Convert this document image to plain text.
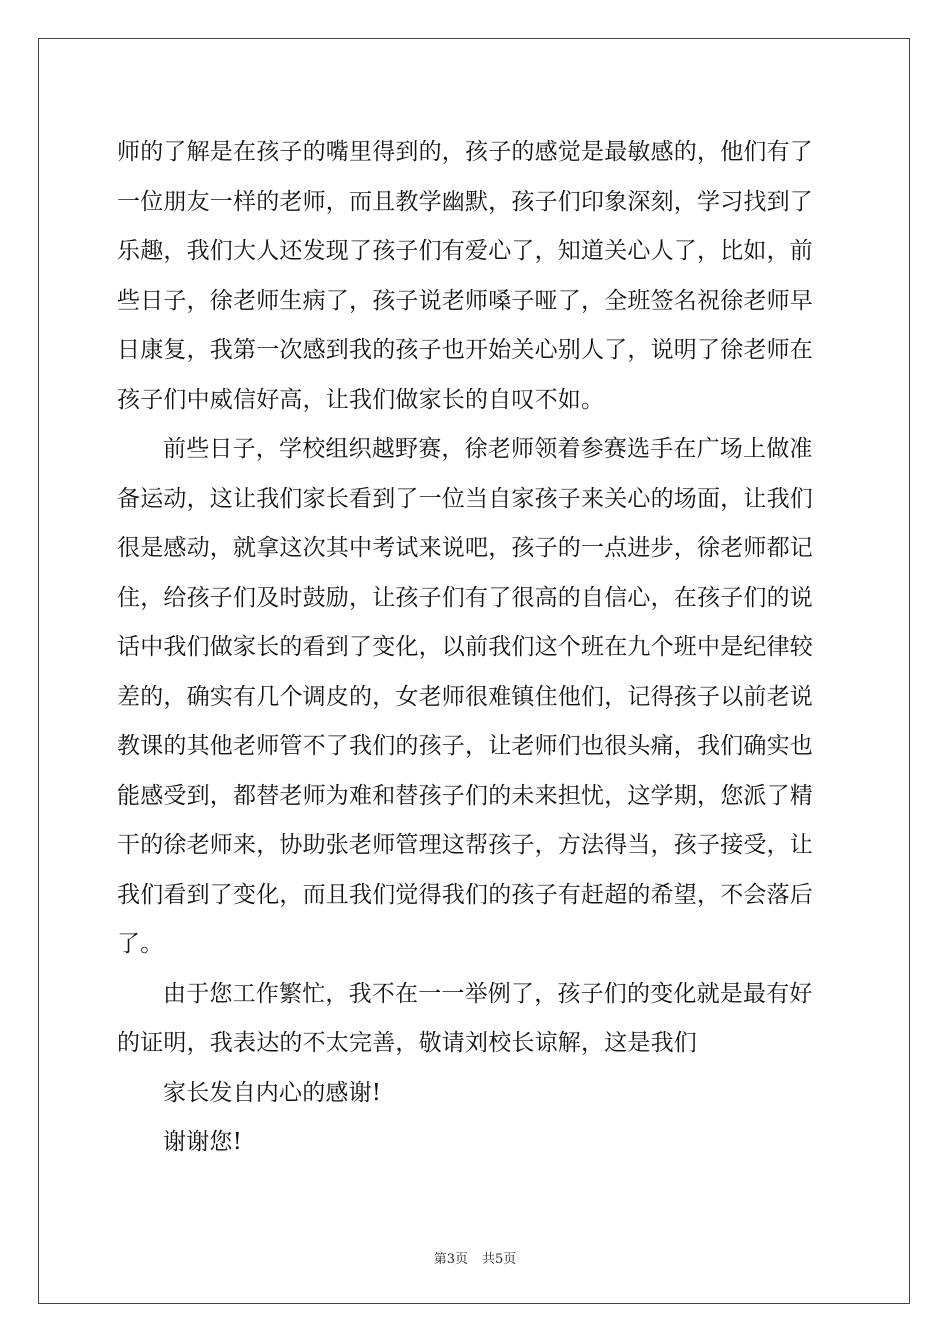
师的了解是在孩子的嘴里得到的，孩子的感觉是最敏感的，他们有了
一位朋友一样的老师，而且教学幽默，孩子们印象深刻，学习找到了
乐趣，我们大人还发现了孩子们有爱心了，知道关心人了，比如，前
些日子，徐老师生病了，孩子说老师嗓子哑了，全班签名祝徐老师早
日康复，我第一次感到我的孩子也开始关心别人了，说明了徐老师在
孩子们中威信好高，让我们做家长的自叹不如。

前些日子，学校组织越野赛，徐老师领着参赛选手在广场上做准
备运动，这让我们家长看到了一位当自家孩子来关心的场面，让我们
很是感动，就拿这次其中考试来说吧，孩子的一点进步，徐老师都记
住，给孩子们及时鼓励，让孩子们有了很高的自信心，在孩子们的说
话中我们做家长的看到了变化，以前我们这个班在九个班中是纪律较
差的，确实有几个调皮的，女老师很难镇住他们，记得孩子以前老说
教课的其他老师管不了我们的孩子，让老师们也很头痛，我们确实也
能感受到，都替老师为难和替孩子们的未来担忧，这学期，您派了精
干的徐老师来，协助张老师管理这帮孩子，方法得当，孩子接受，让
我们看到了变化，而且我们觉得我们的孩子有赶超的希望，不会落后
了。

由于您工作繁忙，我不在一一举例了，孩子们的变化就是最有好
的证明，我表达的不太完善，敬请刘校长谅解，这是我们

家长发自内心的感谢!

谢谢您!

第3页 共5页
